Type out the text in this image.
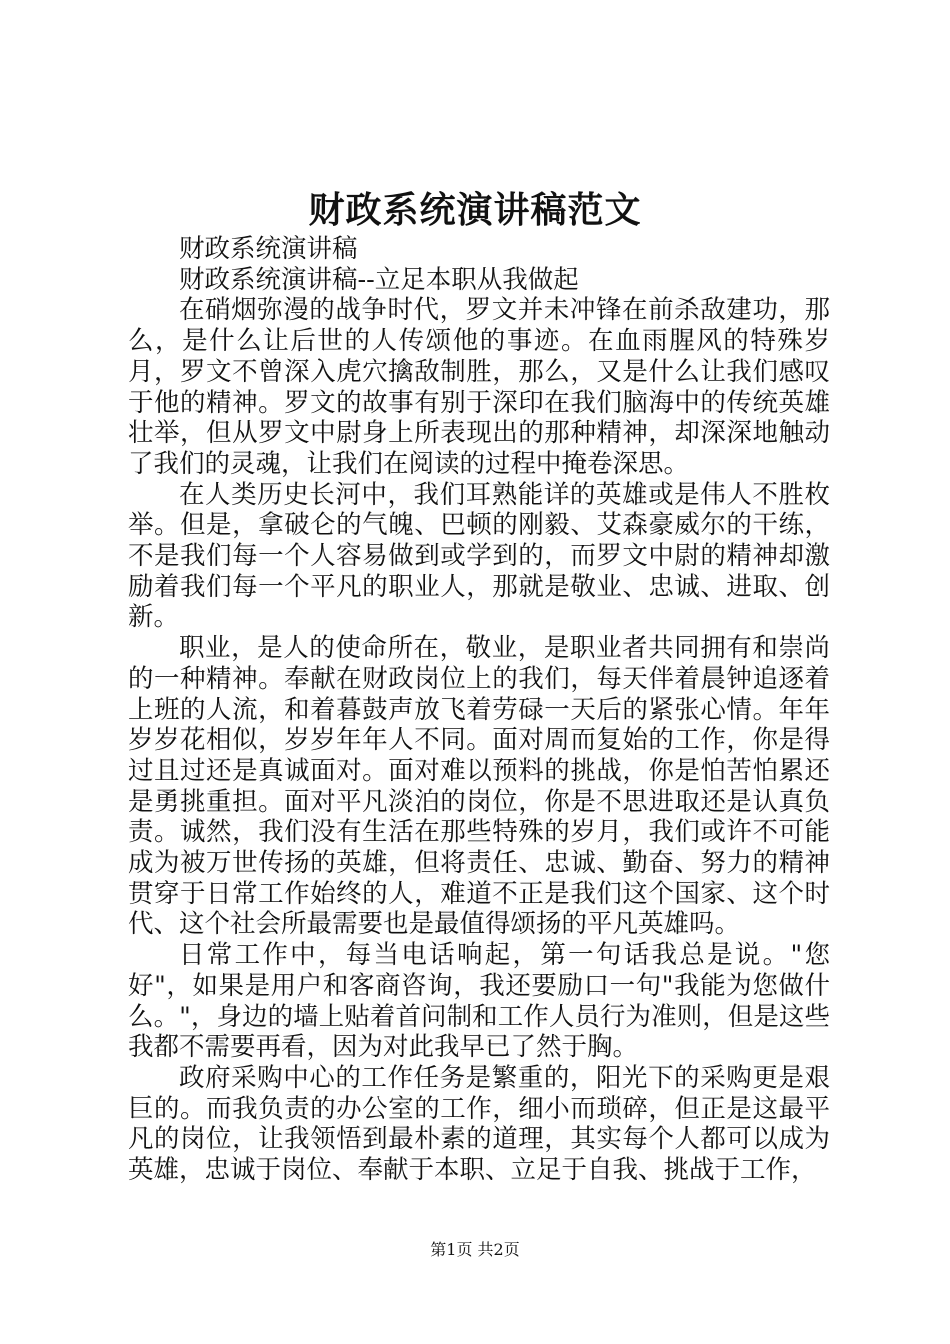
财政系统演讲稿范文

财政系统演讲稿

财政系统演讲稿--立足本职从我做起

在硝烟弥漫的战争时代，罗文并未冲锋在前杀敌建功，那么，是什么让后世的人传颂他的事迹。在血雨腥风的特殊岁月，罗文不曾深入虎穴擒敌制胜，那么，又是什么让我们感叹于他的精神。罗文的故事有别于深印在我们脑海中的传统英雄壮举，但从罗文中尉身上所表现出的那种精神，却深深地触动了我们的灵魂，让我们在阅读的过程中掩卷深思。

在人类历史长河中，我们耳熟能详的英雄或是伟人不胜枚举。但是，拿破仑的气魄、巴顿的刚毅、艾森豪威尔的干练，不是我们每一个人容易做到或学到的，而罗文中尉的精神却激励着我们每一个平凡的职业人，那就是敬业、忠诚、进取、创新。

职业，是人的使命所在，敬业，是职业者共同拥有和崇尚的一种精神。奉献在财政岗位上的我们，每天伴着晨钟追逐着上班的人流，和着暮鼓声放飞着劳碌一天后的紧张心情。年年岁岁花相似，岁岁年年人不同。面对周而复始的工作，你是得过且过还是真诚面对。面对难以预料的挑战，你是怕苦怕累还是勇挑重担。面对平凡淡泊的岗位，你是不思进取还是认真负责。诚然，我们没有生活在那些特殊的岁月，我们或许不可能成为被万世传扬的英雄，但将责任、忠诚、勤奋、努力的精神贯穿于日常工作始终的人，难道不正是我们这个国家、这个时代、这个社会所最需要也是最值得颂扬的平凡英雄吗。

日常工作中，每当电话响起，第一句话我总是说。"您好"，如果是用户和客商咨询，我还要励口一句"我能为您做什么。"，身边的墙上贴着首问制和工作人员行为准则，但是这些我都不需要再看，因为对此我早已了然于胸。

政府采购中心的工作任务是繁重的，阳光下的采购更是艰巨的。而我负责的办公室的工作，细小而琐碎，但正是这最平凡的岗位，让我领悟到最朴素的道理，其实每个人都可以成为英雄，忠诚于岗位、奉献于本职、立足于自我、挑战于工作，

第1页 共2页
